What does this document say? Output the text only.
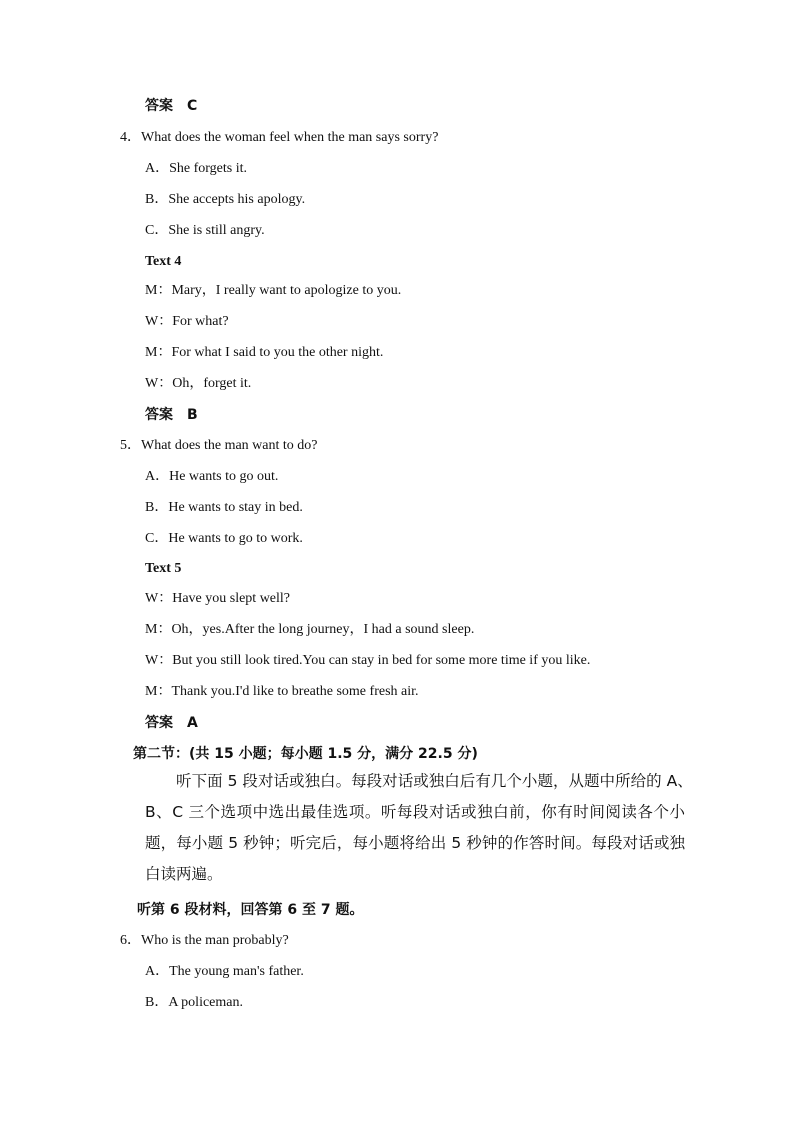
答案　C
4．What does the woman feel when the man says sorry?
A．She forgets it.
B．She accepts his apology.
C．She is still angry.
Text 4
M：Mary，I really want to apologize to you.
W：For what?
M：For what I said to you the other night.
W：Oh，forget it.
答案　B
5．What does the man want to do?
A．He wants to go out.
B．He wants to stay in bed.
C．He wants to go to work.
Text 5
W：Have you slept well?
M：Oh，yes.After the long journey，I had a sound sleep.
W：But you still look tired.You can stay in bed for some more time if you like.
M：Thank you.I'd like to breathe some fresh air.
答案　A
第二节：(共 15 小题；每小题 1.5 分，满分 22.5 分)
　　听下面 5 段对话或独白。每段对话或独白后有几个小题，从题中所给的 A、　　B、C 三个选项中选出最佳选项。听每段对话或独白前，你有时间阅读各个小题，每小题 5 秒钟；听完后，每小题将给出 5 秒钟的作答时间。每段对话或独白读两遍。
听第 6 段材料，回答第 6 至 7 题。
6．Who is the man probably?
A．The young man's father.
B．A policeman.
